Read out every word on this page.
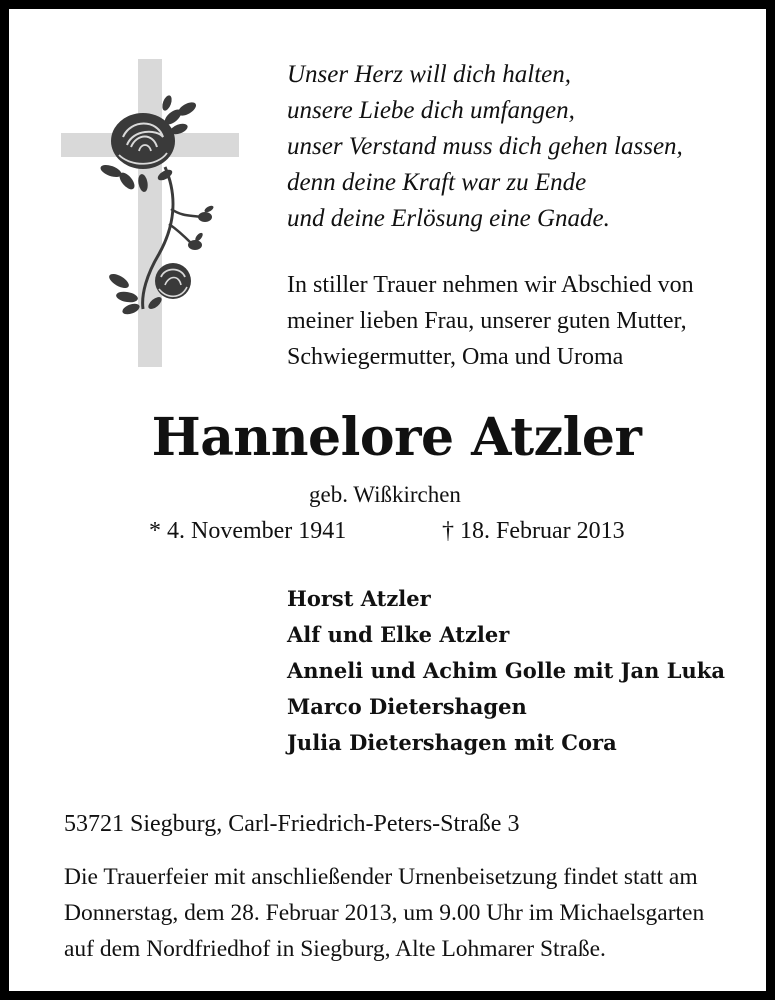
Unser Herz will dich halten,
unsere Liebe dich umfangen,
unser Verstand muss dich gehen lassen,
denn deine Kraft war zu Ende
und deine Erlösung eine Gnade.
In stiller Trauer nehmen wir Abschied von
meiner lieben Frau, unserer guten Mutter,
Schwiegermutter, Oma und Uroma
Hannelore Atzler
geb. Wißkirchen
* 4. November 1941	† 18. Februar 2013
Horst Atzler
Alf und Elke Atzler
Anneli und Achim Golle mit Jan Luka
Marco Dietershagen
Julia Dietershagen mit Cora
53721 Siegburg, Carl-Friedrich-Peters-Straße 3
Die Trauerfeier mit anschließender Urnenbeisetzung findet statt am
Donnerstag, dem 28. Februar 2013, um 9.00 Uhr im Michaelsgarten
auf dem Nordfriedhof in Siegburg, Alte Lohmarer Straße.
